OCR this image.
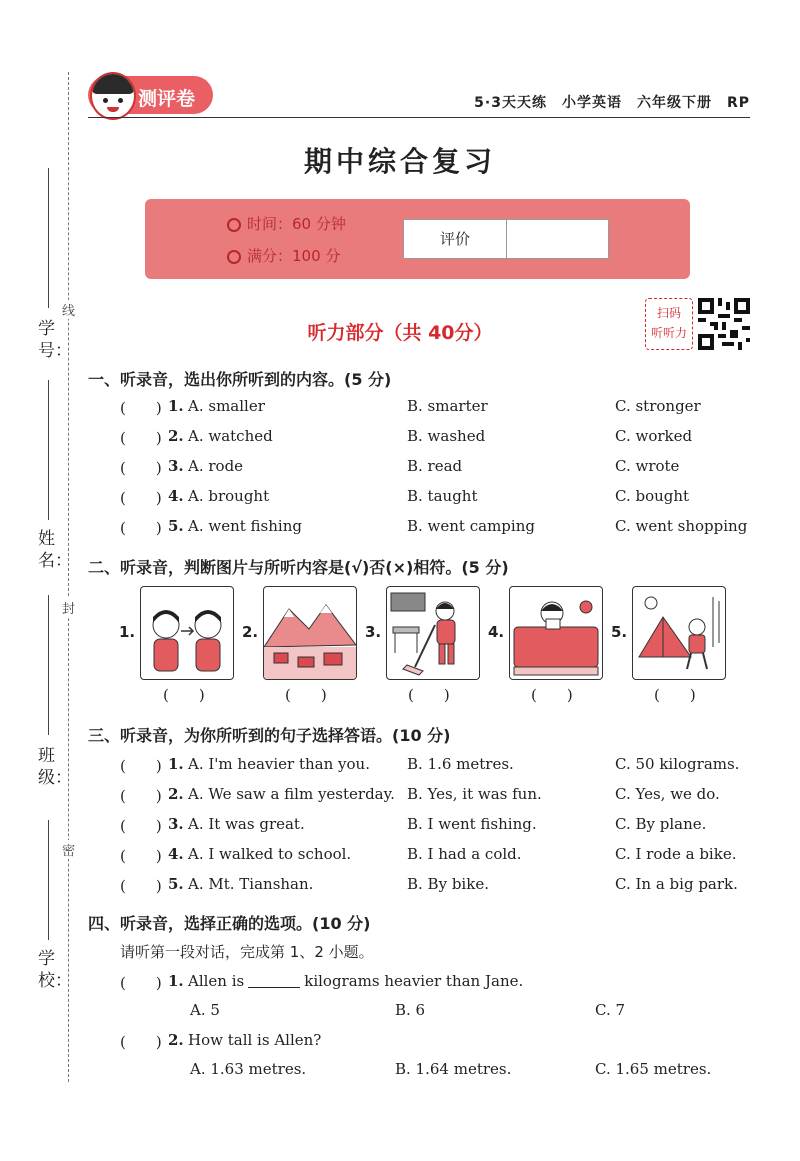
学号：
姓名：
班级：
学校：
线
封
密
测评卷	5·3天天练　小学英语　六年级下册　RP
期中综合复习
时间：60 分钟
满分：100 分
评价
听力部分（共 40分）
扫码
听听力
一、听录音，选出你所听到的内容。(5 分)
(　　) 1. A. smaller	B. smarter	C. stronger
(　　) 2. A. watched	B. washed	C. worked
(　　) 3. A. rode	B. read	C. wrote
(　　) 4. A. brought	B. taught	C. bought
(　　) 5. A. went fishing	B. went camping	C. went shopping
二、听录音，判断图片与所听内容是(√)否(×)相符。(5 分)
1.
(　　)
2.
(　　)
3.
(　　)
4.
(　　)
5.
(　　)
三、听录音，为你所听到的句子选择答语。(10 分)
(　　) 1. A. I'm heavier than you. B. 1.6 metres.	C. 50 kilograms.
(　　) 2. A. We saw a film yesterday. B. Yes, it was fun.	C. Yes, we do.
(　　) 3. A. It was great.	B. I went fishing.	C. By plane.
(　　) 4. A. I walked to school.	B. I had a cold.	C. I rode a bike.
(　　) 5. A. Mt. Tianshan.	B. By bike.	C. In a big park.
四、听录音，选择正确的选项。(10 分)
请听第一段对话，完成第 1、2 小题。
(　　) 1. Allen is	kilograms heavier than Jane.
A. 5	B. 6	C. 7
(　　) 2. How tall is Allen?
A. 1.63 metres.	B. 1.64 metres.	C. 1.65 metres.
